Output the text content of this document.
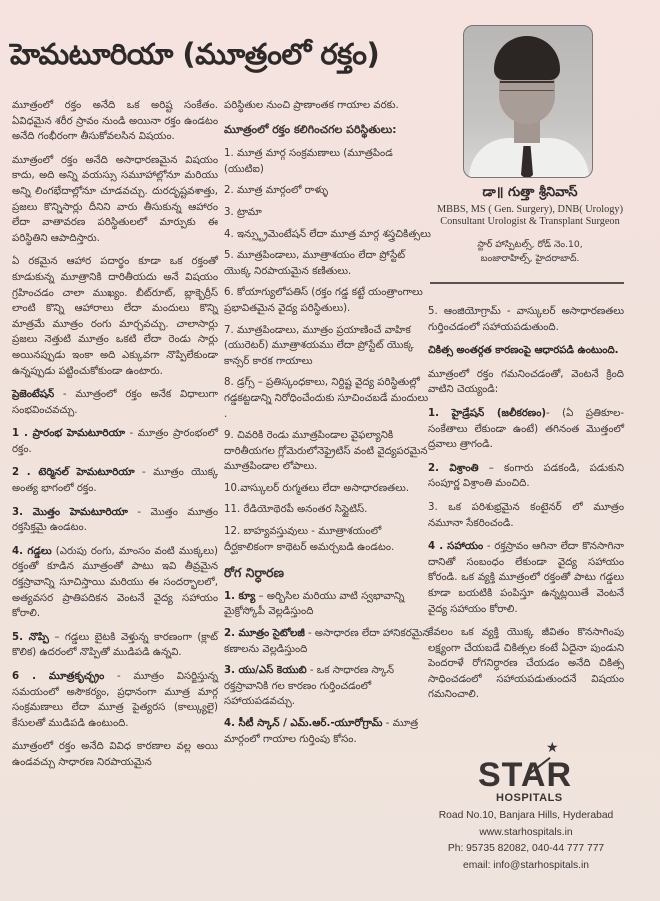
హెమటూరియా (మూత్రంలో రక్తం)

మూత్రంలో రక్తం అనేది ఒక అరిష్ట సంకేతం. ఏవిధమైన శరీర స్రావం నుండి అయినా రక్తం ఉండటం అనేది గంభీరంగా తీసుకోవలసిన విషయం.

మూత్రంలో రక్తం అనేది అసాధారణమైన విషయం కాదు, అది అన్ని వయస్సు సమూహాల్లోనూ మరియు అన్ని లింగభేదాల్లోనూ చూడవచ్చు. దురదృష్టవశాత్తు, ప్రజలు కొన్నిసార్లు దీనిని వారు తీసుకున్న ఆహారం లేదా వాతావరణ పరిస్థితులలో మార్పుకు ఈ పరిస్థితిని ఆపాదిస్తారు.

ఏ రకమైన ఆహార పదార్థం కూడా ఒక రక్తంతో కూడుకున్న మూత్రానికి దారితీయదు అనే విషయం గ్రహించడం చాలా ముఖ్యం. బీట్‌రూట్, బ్లాక్బెర్రీస్ లాంటి కొన్ని ఆహారాలు లేదా మందులు కొన్ని మాత్రమే మూత్రం రంగు మార్చవచ్చు. చాలాసార్లు ప్రజలు నెత్తుటి మూత్రం ఒకటి లేదా రెండు సార్లు అయినప్పుడు ఇంకా అది ఎక్కువగా నొప్పిలేకుండా ఉన్నప్పుడు పట్టించుకోకుండా ఉంటారు.

ప్రెజెంటేషన్ - మూత్రంలో రక్తం అనేక విధాలుగా సంభవించవచ్చు.

1 . ప్రారంభ హెమటూరియా - మూత్రం ప్రారంభంలో రక్తం.

2 . టెర్మినల్ హెమటూరియా - మూత్రం యొక్క అంత్య భాగంలో రక్తం.

3. మొత్తం హెమటూరియా - మొత్తం మూత్రం రక్తసిక్తమై ఉండటం.

4. గడ్డలు (ఎరుపు రంగు, మాంసం వంటి ముక్కలు) రక్తంతో కూడిన మూత్రంతో పాటు ఇవి తీవ్రమైన రక్తస్రావాన్ని సూచిస్తాయి మరియు ఈ సందర్భాలలో, అత్యవసర ప్రాతిపదికన వెంటనే వైద్య సహాయం కోరాలి.

5. నొప్పి – గడ్డలు బైటకి వెళ్తున్న కారణంగా (క్లాట్ కొలిక) ఉదరంలో నొప్పితో ముడిపడి ఉన్నవి.

6 . మూత్రకృచ్ఛ్రం - మూత్రం విసర్జిస్తున్న సమయంలో అసౌకర్యం, ప్రధానంగా మూత్ర మార్గ సంక్రమణాలు లేదా మూత్ర పైత్యరస (కాల్క్యులై) కేసులతో ముడిపడి ఉంటుంది.

మూత్రంలో రక్తం అనేది వివిధ కారణాల వల్ల అయి ఉండవచ్చు సాధారణ నిరపాయమైన

పరిస్థితుల నుంచి ప్రాణాంతక గాయాల వరకు.

మూత్రంలో రక్తం కలిగించగల పరిస్థితులు:

1. మూత్ర మార్గ సంక్రమణాలు (మూత్రపిండ (యుటిఐ)

2. మూత్ర మార్గంలో రాళ్ళు

3. ట్రామా

4. ఇన్స్ట్రుమెంటేషన్ లేదా మూత్ర మార్గ శస్త్రచికిత్సలు

5. మూత్రపిండాలు, మూత్రాశయం లేదా ప్రోస్టేట్ యొక్క నిరపాయమైన కణితులు.

6. కోయాగ్యులోపతిస్ (రక్తం గడ్డ కట్టే యంత్రాంగాలు ప్రభావితమైన వైద్య పరిస్థితులు).

7. మూత్రపిండాలు, మూత్రం ప్రయాణించే వాహిక (యురెటర్) మూత్రాశయము లేదా ప్రోస్టేట్ యొక్క కాన్సర్ కారక గాయాలు

8. డ్రగ్స్ – ప్రతిస్కంధకాలు, నిర్దిష్ట వైద్య పరిస్థితుల్లో గడ్డకట్టడాన్ని నిరోధించేందుకు సూచించబడే మందులు .

9. చివరికి రెండు మూత్రపిండాల వైఫల్యానికి దారితీయగల గ్లోమెరులోనెఫ్రైటిస్ వంటి వైద్యపరమైన మూత్రపిండాల లోపాలు.

10.వాస్కులర్ రుగ్మతలు లేదా అసాధారణతలు.

11. రేడియోథెరపీ అనంతర సిస్టైటిస్.

12. బాహ్యవస్తువులు - మూత్రాశయంలో దీర్ఘకాలికంగా కాథెటర్ అమర్చబడి ఉండటం.

రోగ నిర్ధారణ

1. క్యూ – అర్బిసిల మరియు వాటి స్వభావాన్ని మైక్రోస్కోపీ వెల్లడిస్తుంది

2. మూత్రం సైటోలజీ - అసాధారణ లేదా హానికరమైన కణాలను వెల్లడిస్తుంది

3. యు/ఎస్ కెయుబి - ఒక సాధారణ స్కాన్ రక్తస్రావానికి గల కారణం గుర్తించడంలో సహాయపడవచ్చు.

4. సీటీ స్కాన్ / ఎమ్.ఆర్.-యూరోగ్రామ్ - మూత్ర మార్గంలో గాయాల గుర్తింపు కోసం.

డా॥ గుత్తా శ్రీనివాస్
MBBS, MS ( Gen. Surgery), DNB( Urology)
Consultant Urologist & Transplant Surgeon
స్టార్ హాస్పిటల్స్, రోడ్ నెం.10,
బంజారాహిల్స్, హైదరాబాద్.

5. ఆంజియోగ్రామ్ - వాస్కులర్ అసాధారణతలు గుర్తించడంలో సహాయపడుతుంది.

చికిత్స అంతర్గత కారణంపై ఆధారపడి ఉంటుంది.

మూత్రంలో రక్తం గమనించడంతో, వెంటనే క్రింది వాటిని చెయ్యండి:

1. హైడ్రేషన్ (జలీకరణం)- (ఏ ప్రతికూల-సంకేతాలు లేకుండా ఉంటే) తగినంత మొత్తంలో ద్రవాలు త్రాగండి.

2. విశ్రాంతి – కంగారు పడకండి, పడుకుని సంపూర్ణ విశ్రాంతి మంచిది.

3. ఒక పరిశుభ్రమైన కంటైనర్ లో మూత్రం నమూనా సేకరించండి.

4 . సహాయం - రక్తస్రావం ఆగినా లేదా కొనసాగినా దానితో సంబంధం లేకుండా వైద్య సహాయం కోరండి. ఒక వ్యక్తి మూత్రంలో రక్తంతో పాటు గడ్డలు కూడా బయటికి పంపిస్తూ ఉన్నట్లయితే వెంటనే వైద్య సహాయం కోరాలి.

కేవలం ఒక వ్యక్తి యొక్క జీవితం కొనసాగింపు లక్ష్యంగా చేయబడే చికిత్సల కంటే ఏదైనా పుండుని పెందరాళే రోగనిర్ధారణ చేయడం అనేది చికిత్స సాధించడంలో సహాయపడుతుందనే విషయం గమనించాలి.

★
STAR
HOSPITALS
Road No.10, Banjara Hills, Hyderabad
www.starhospitals.in
Ph: 95735 82082, 040-44 777 777
email: info@starhospitals.in
